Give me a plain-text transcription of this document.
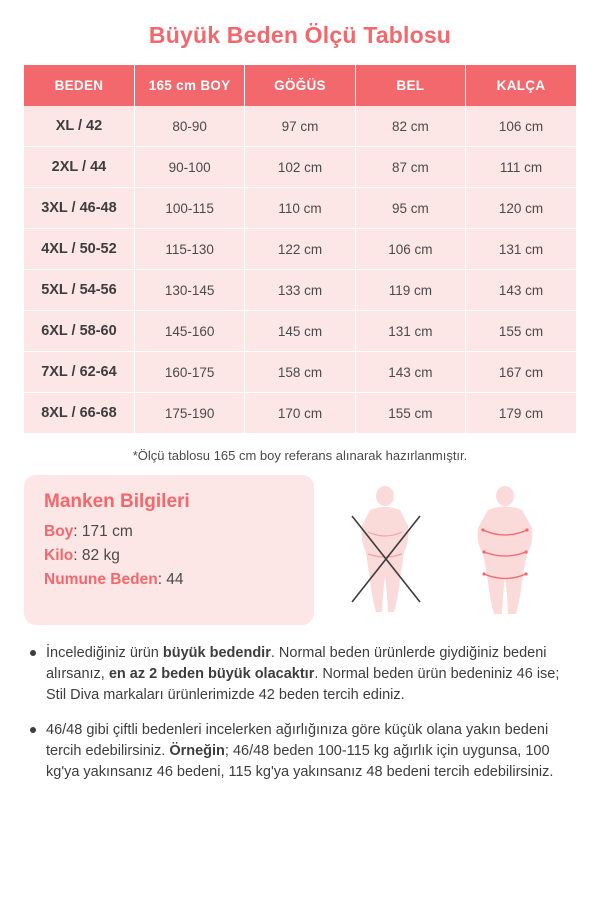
Büyük Beden Ölçü Tablosu
BEDEN	165 cm BOY	GÖĞÜS	BEL	KALÇA
XL / 42	80-90	97 cm	82 cm	106 cm
2XL / 44	90-100	102 cm	87 cm	111 cm
3XL / 46-48	100-115	110 cm	95 cm	120 cm
4XL / 50-52	115-130	122 cm	106 cm	131 cm
5XL / 54-56	130-145	133 cm	119 cm	143 cm
6XL / 58-60	145-160	145 cm	131 cm	155 cm
7XL / 62-64	160-175	158 cm	143 cm	167 cm
8XL / 66-68	175-190	170 cm	155 cm	179 cm
*Ölçü tablosu 165 cm boy referans alınarak hazırlanmıştır.
Manken Bilgileri
Boy: 171 cm
Kilo: 82 kg
Numune Beden: 44
İncelediğiniz ürün büyük bedendir. Normal beden ürünlerde giydiğiniz bedeni alırsanız, en az 2 beden büyük olacaktır. Normal beden ürün bedeniniz 46 ise; Stil Diva markaları ürünlerimizde 42 beden tercih ediniz.
46/48 gibi çiftli bedenleri incelerken ağırlığınıza göre küçük olana yakın bedeni tercih edebilirsiniz. Örneğin; 46/48 beden 100-115 kg ağırlık için uygunsa, 100 kg'ya yakınsanız 46 bedeni, 115 kg'ya yakınsanız 48 bedeni tercih edebilirsiniz.
